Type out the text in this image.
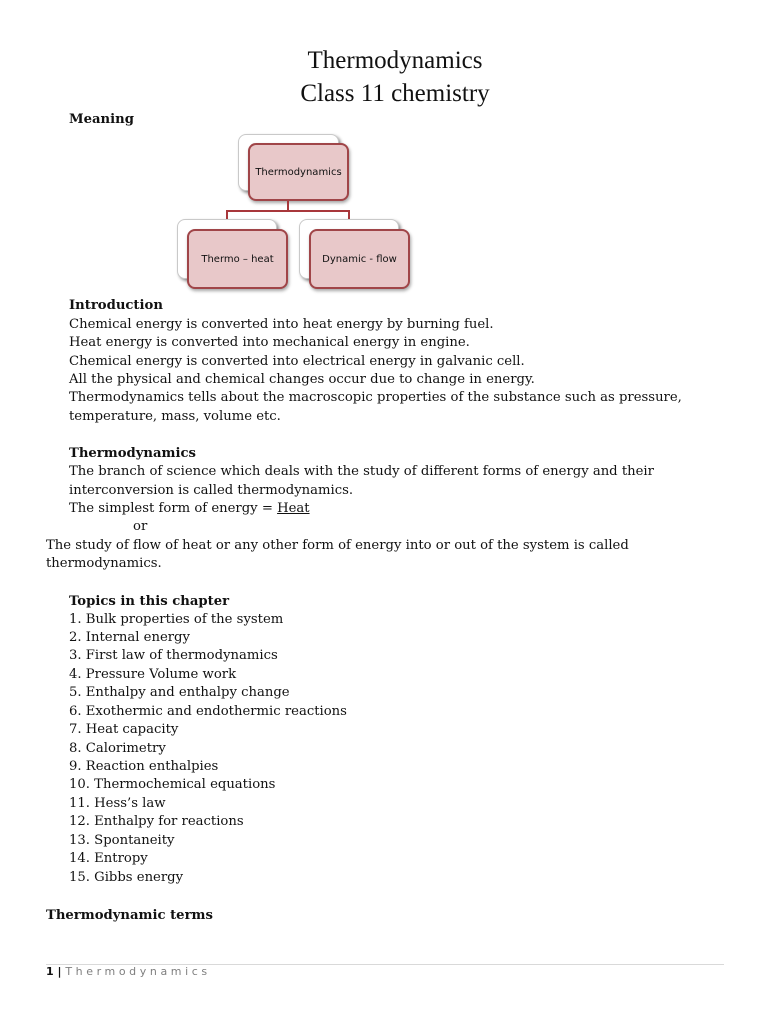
Thermodynamics
Class 11 chemistry
Meaning
Thermodynamics
Thermo – heat	Dynamic - flow
Introduction
Chemical energy is converted into heat energy by burning fuel.
Heat energy is converted into mechanical energy in engine.
Chemical energy is converted into electrical energy in galvanic cell.
All the physical and chemical changes occur due to change in energy.
Thermodynamics tells about the macroscopic properties of the substance such as pressure,
temperature, mass, volume etc.
Thermodynamics
The branch of science which deals with the study of different forms of energy and their
interconversion is called thermodynamics.
The simplest form of energy = Heat
or
The study of flow of heat or any other form of energy into or out of the system is called
thermodynamics.
Topics in this chapter
1. Bulk properties of the system
2. Internal energy
3. First law of thermodynamics
4. Pressure Volume work
5. Enthalpy and enthalpy change
6. Exothermic and endothermic reactions
7. Heat capacity
8. Calorimetry
9. Reaction enthalpies
10. Thermochemical equations
11. Hess’s law
12. Enthalpy for reactions
13. Spontaneity
14. Entropy
15. Gibbs energy
Thermodynamic terms
1 | Thermodynamics
